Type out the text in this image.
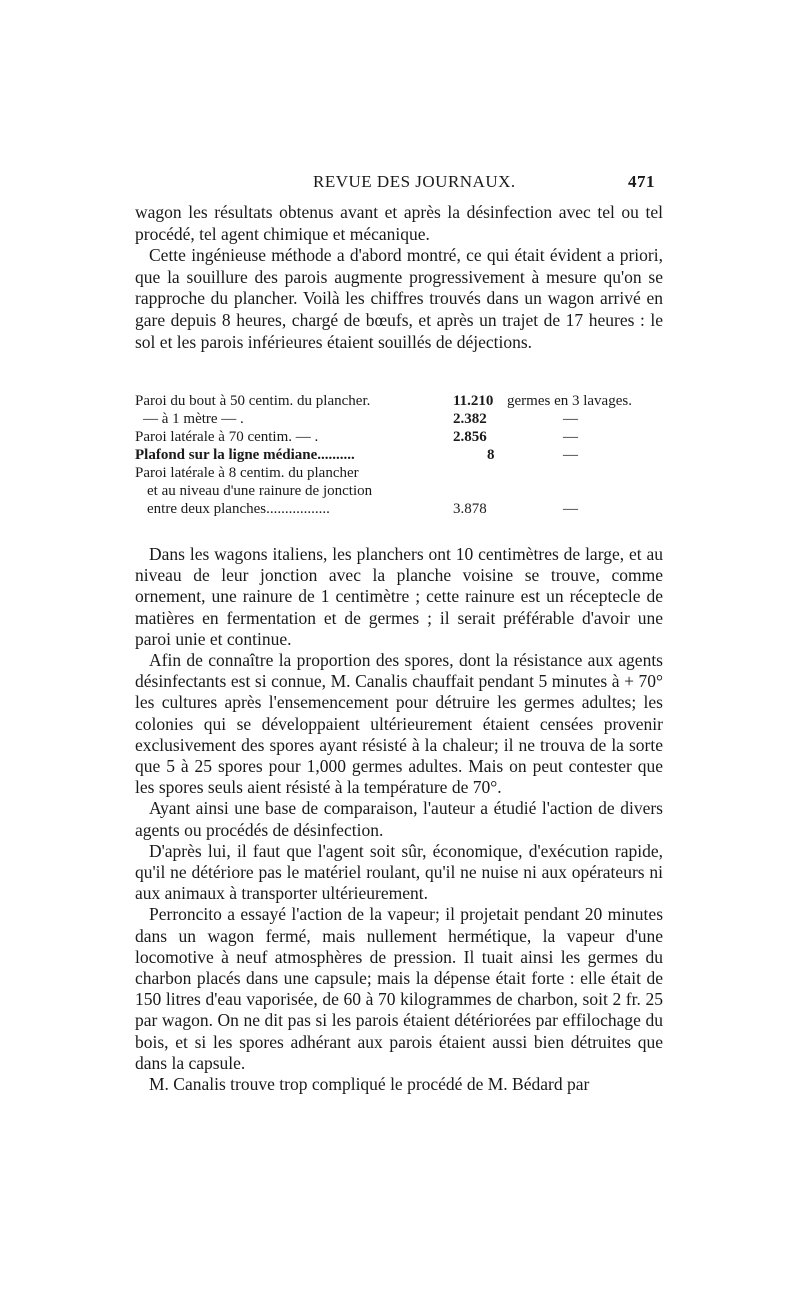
REVUE DES JOURNAUX.	471

wagon les résultats obtenus avant et après la désinfection avec tel ou tel procédé, tel agent chimique et mécanique.

Cette ingénieuse méthode a d'abord montré, ce qui était évident a priori, que la souillure des parois augmente progressivement à mesure qu'on se rapproche du plancher. Voilà les chiffres trouvés dans un wagon arrivé en gare depuis 8 heures, chargé de bœufs, et après un trajet de 17 heures : le sol et les parois inférieures étaient souillés de déjections.

Paroi du bout à 50 centim. du plancher.	11.210 germes en 3 lavages.
— à 1 mètre — .	2.382	—
Paroi latérale à 70 centim. — .	2.856	—
Plafond sur la ligne médiane..........	8	—
Paroi latérale à 8 centim. du plancher
et au niveau d'une rainure de jonction
entre deux planches.................	3.878	—

Dans les wagons italiens, les planchers ont 10 centimètres de large, et au niveau de leur jonction avec la planche voisine se trouve, comme ornement, une rainure de 1 centimètre ; cette rainure est un réceptecle de matières en fermentation et de germes ; il serait préférable d'avoir une paroi unie et continue.

Afin de connaître la proportion des spores, dont la résistance aux agents désinfectants est si connue, M. Canalis chauffait pendant 5 minutes à + 70° les cultures après l'ensemencement pour détruire les germes adultes; les colonies qui se développaient ultérieurement étaient censées provenir exclusivement des spores ayant résisté à la chaleur; il ne trouva de la sorte que 5 à 25 spores pour 1,000 germes adultes. Mais on peut contester que les spores seuls aient résisté à la température de 70°.

Ayant ainsi une base de comparaison, l'auteur a étudié l'action de divers agents ou procédés de désinfection.

D'après lui, il faut que l'agent soit sûr, économique, d'exécution rapide, qu'il ne détériore pas le matériel roulant, qu'il ne nuise ni aux opérateurs ni aux animaux à transporter ultérieurement.

Perroncito a essayé l'action de la vapeur; il projetait pendant 20 minutes dans un wagon fermé, mais nullement hermétique, la vapeur d'une locomotive à neuf atmosphères de pression. Il tuait ainsi les germes du charbon placés dans une capsule; mais la dépense était forte : elle était de 150 litres d'eau vaporisée, de 60 à 70 kilogrammes de charbon, soit 2 fr. 25 par wagon. On ne dit pas si les parois étaient détériorées par effilochage du bois, et si les spores adhérant aux parois étaient aussi bien détruites que dans la capsule.

M. Canalis trouve trop compliqué le procédé de M. Bédard par
